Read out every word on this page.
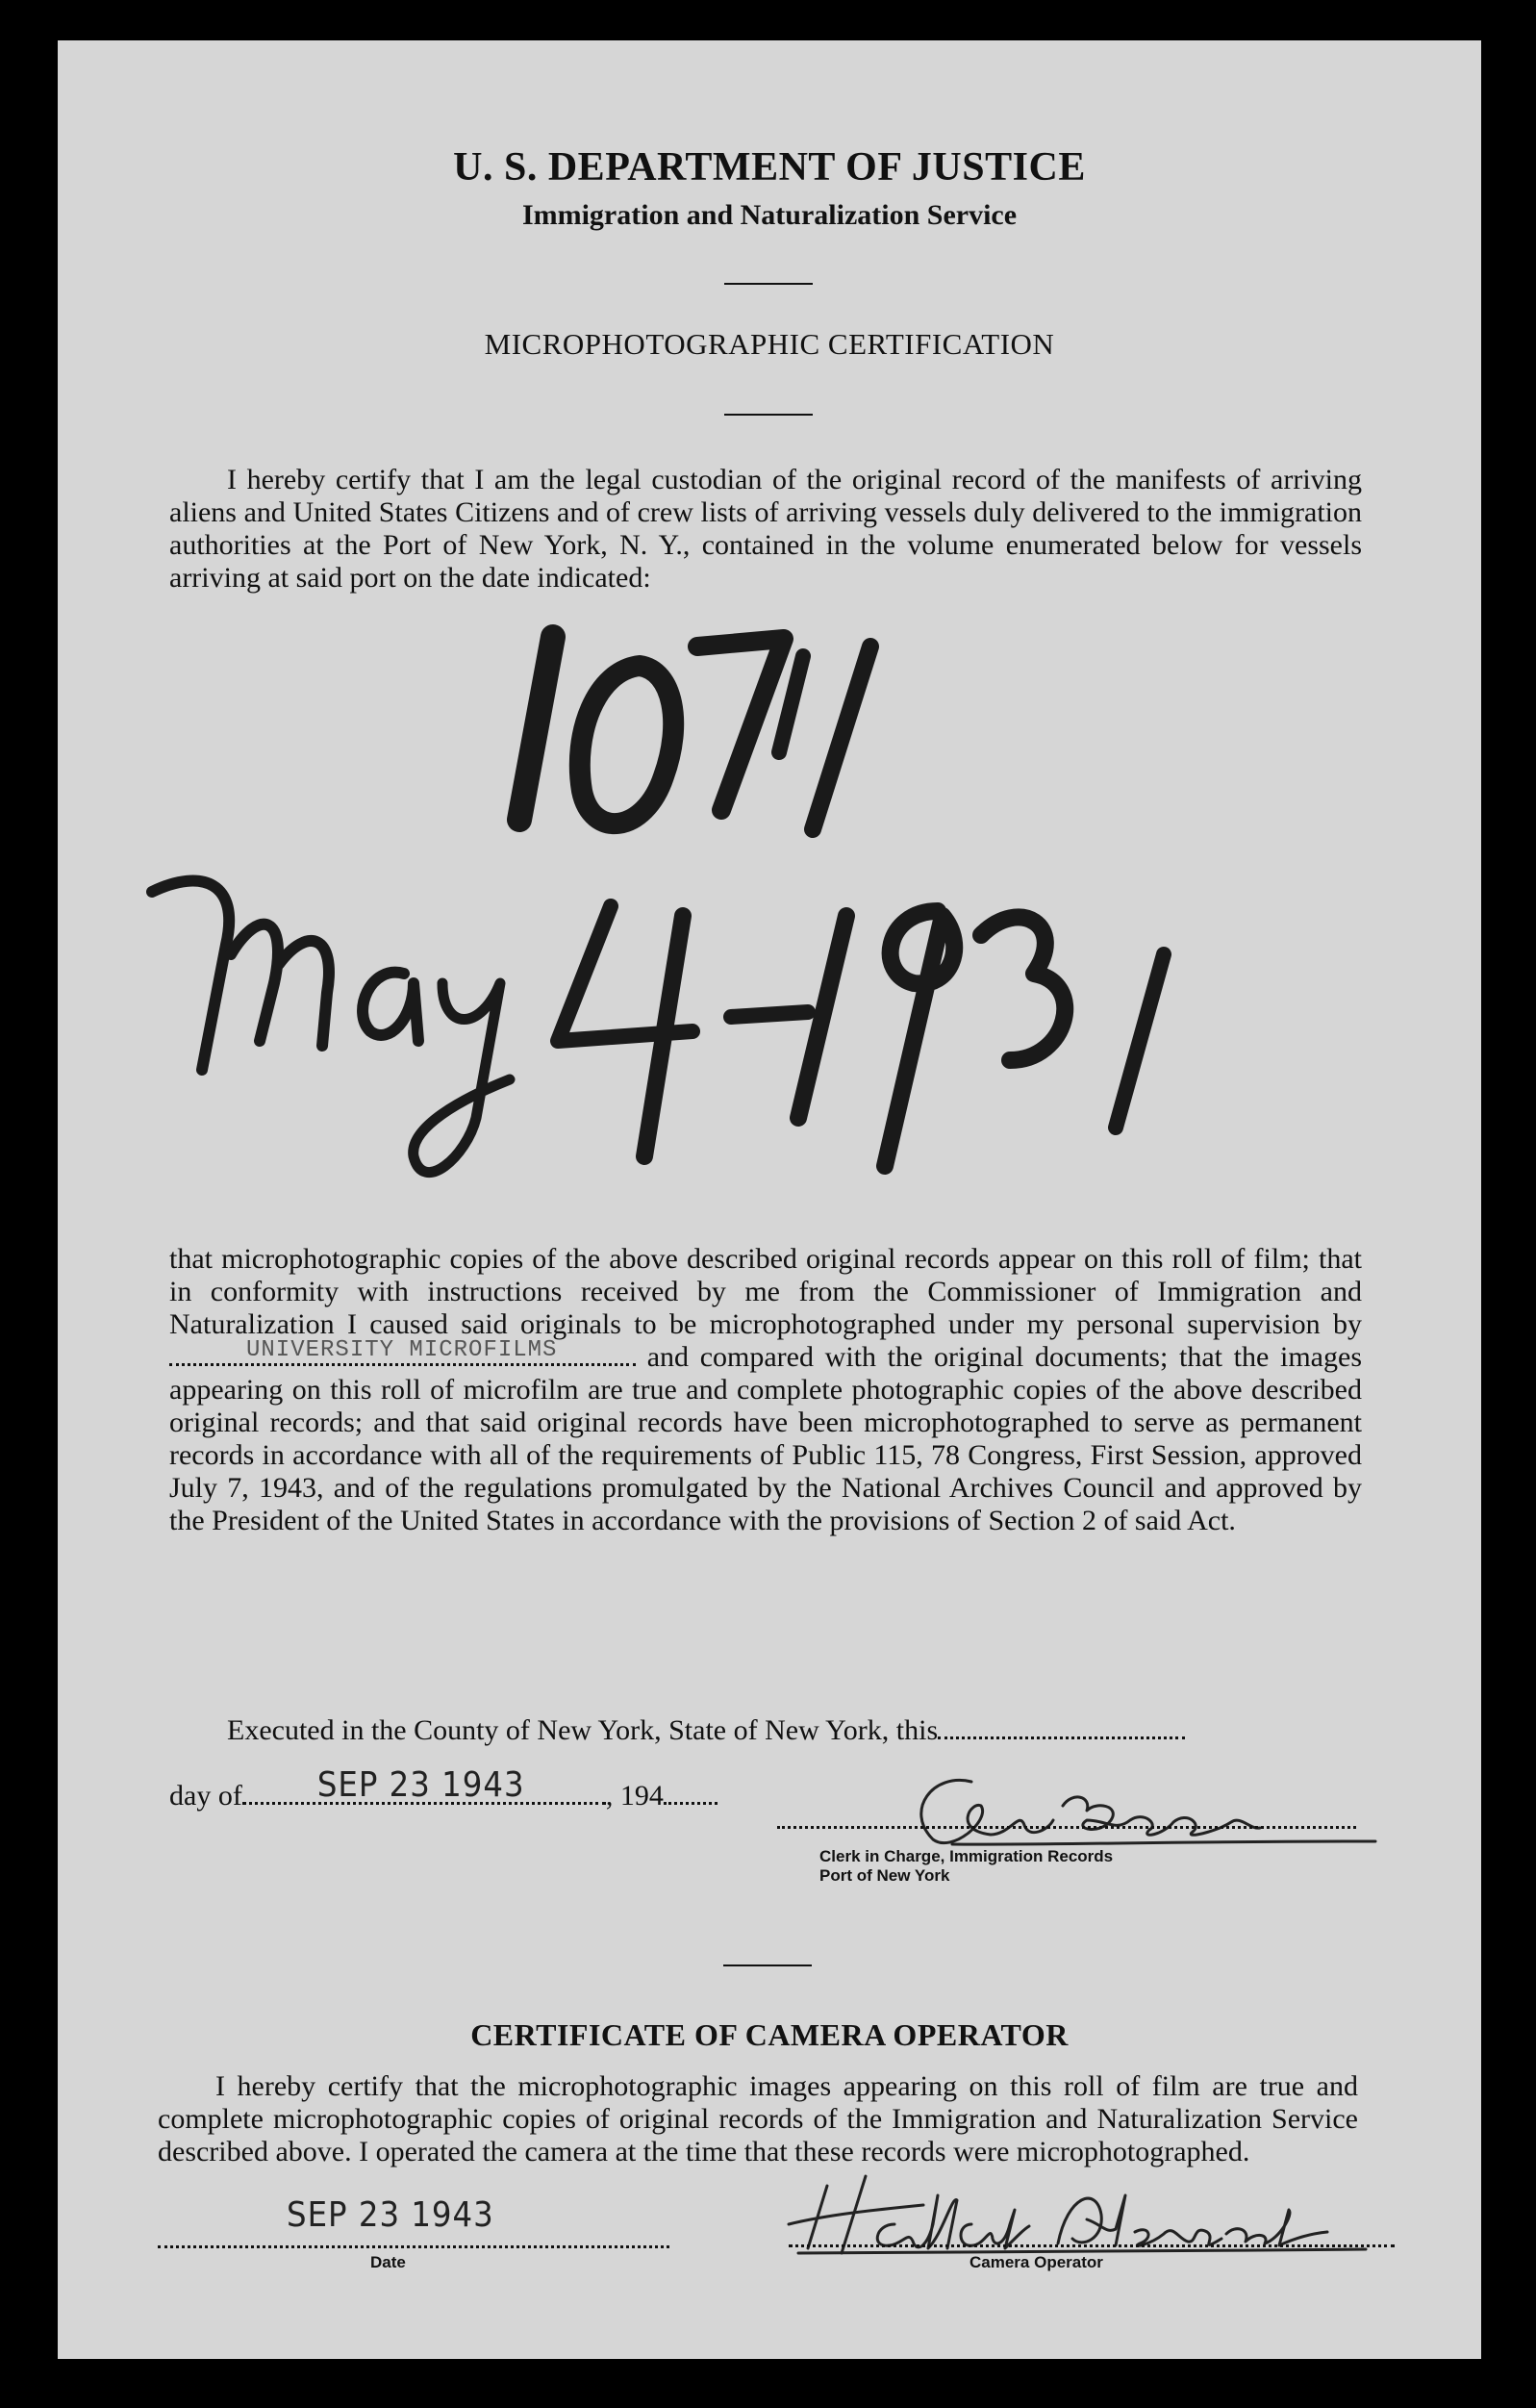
U. S. DEPARTMENT OF JUSTICE
Immigration and Naturalization Service
MICROPHOTOGRAPHIC CERTIFICATION
I hereby certify that I am the legal custodian of the original record of the manifests of arriving aliens and United States Citizens and of crew lists of arriving vessels duly delivered to the immigration authorities at the Port of New York, N. Y., contained in the volume enumerated below for vessels arriving at said port on the date indicated:
that microphotographic copies of the above described original records appear on this roll of film; that in conformity with instructions received by me from the Commissioner of Immigration and Naturalization I caused said originals to be microphotographed under my personal supervision by
UNIVERSITY MICROFILMS	and compared with the original documents; that the images appearing on this roll of microfilm are true and complete photographic copies of the above described original records; and that said original records have been microphotographed to serve as permanent records in accordance with all of the requirements of Public 115, 78 Congress, First Session, approved July 7, 1943, and of the regulations promulgated by the National Archives Council and approved by the President of the United States in accordance with the provisions of Section 2 of said Act.
Executed in the County of New York, State of New York, this
day of SEP 23 1943	, 194
Clerk in Charge, Immigration Records
Port of New York
CERTIFICATE OF CAMERA OPERATOR
I hereby certify that the microphotographic images appearing on this roll of film are true and complete microphotographic copies of original records of the Immigration and Naturalization Service described above. I operated the camera at the time that these records were microphotographed.
SEP 23 1943
Date	Camera Operator
